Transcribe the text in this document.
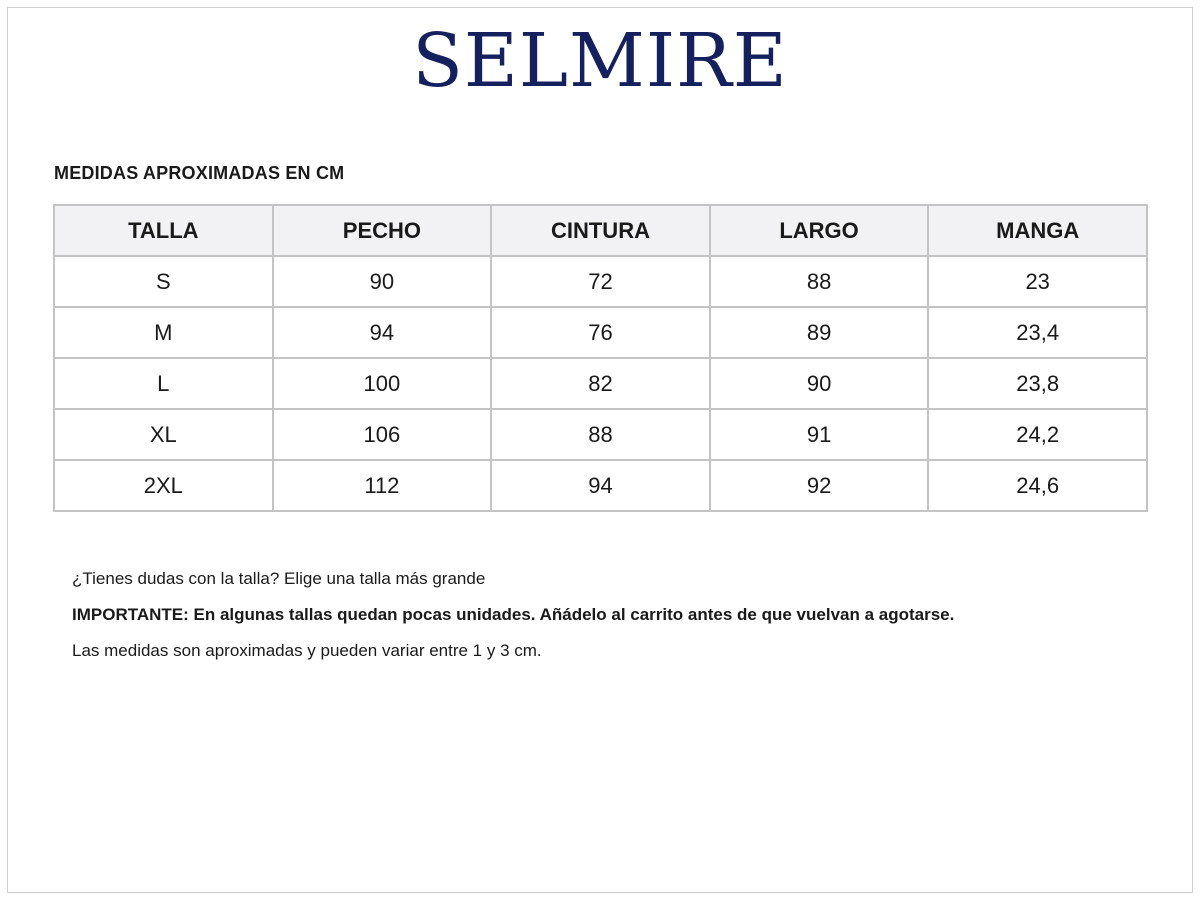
SELMIRE
MEDIDAS APROXIMADAS EN CM
TALLA	PECHO	CINTURA	LARGO	MANGA
S	90	72	88	23
M	94	76	89	23,4
L	100	82	90	23,8
XL	106	88	91	24,2
2XL	112	94	92	24,6

¿Tienes dudas con la talla? Elige una talla más grande

IMPORTANTE: En algunas tallas quedan pocas unidades. Añádelo al carrito antes de que vuelvan a agotarse.

Las medidas son aproximadas y pueden variar entre 1 y 3 cm.
